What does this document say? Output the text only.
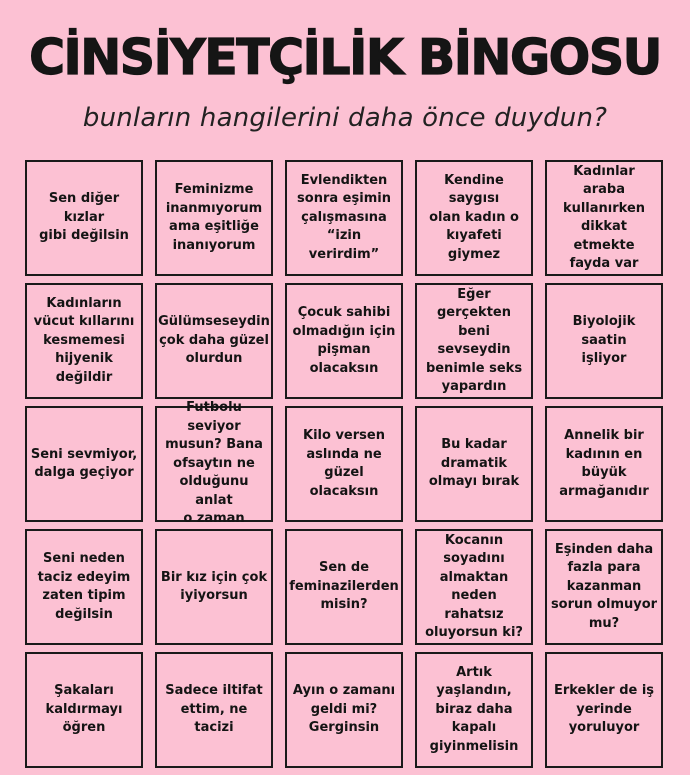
CİNSİYETÇİLİK BİNGOSU
bunların hangilerini daha önce duydun?
Sen diğer kızlar
gibi değilsin
Feminizme
inanmıyorum
ama eşitliğe
inanıyorum
Evlendikten
sonra eşimin
çalışmasına
“izin verirdim”
Kendine saygısı
olan kadın o
kıyafeti giymez
Kadınlar araba
kullanırken
dikkat etmekte
fayda var
Kadınların
vücut kıllarını
kesmemesi
hijyenik
değildir
Gülümseseydin
çok daha güzel
olurdun
Çocuk sahibi
olmadığın için
pişman
olacaksın
Eğer gerçekten
beni sevseydin
benimle seks
yapardın
Biyolojik saatin
işliyor
Seni sevmiyor,
dalga geçiyor
Futbolu seviyor
musun? Bana
ofsaytın ne
olduğunu anlat
o zaman
Kilo versen
aslında ne
güzel olacaksın
Bu kadar
dramatik
olmayı bırak
Annelik bir
kadının en
büyük
armağanıdır
Seni neden
taciz edeyim
zaten tipim
değilsin
Bir kız için çok
iyiyorsun
Sen de
feminazilerden
misin?
Kocanın
soyadını
almaktan
neden rahatsız
oluyorsun ki?
Eşinden daha
fazla para
kazanman
sorun olmuyor
mu?
Şakaları
kaldırmayı
öğren
Sadece iltifat
ettim, ne tacizi
Ayın o zamanı
geldi mi?
Gerginsin
Artık yaşlandın,
biraz daha
kapalı
giyinmelisin
Erkekler de iş
yerinde
yoruluyor
